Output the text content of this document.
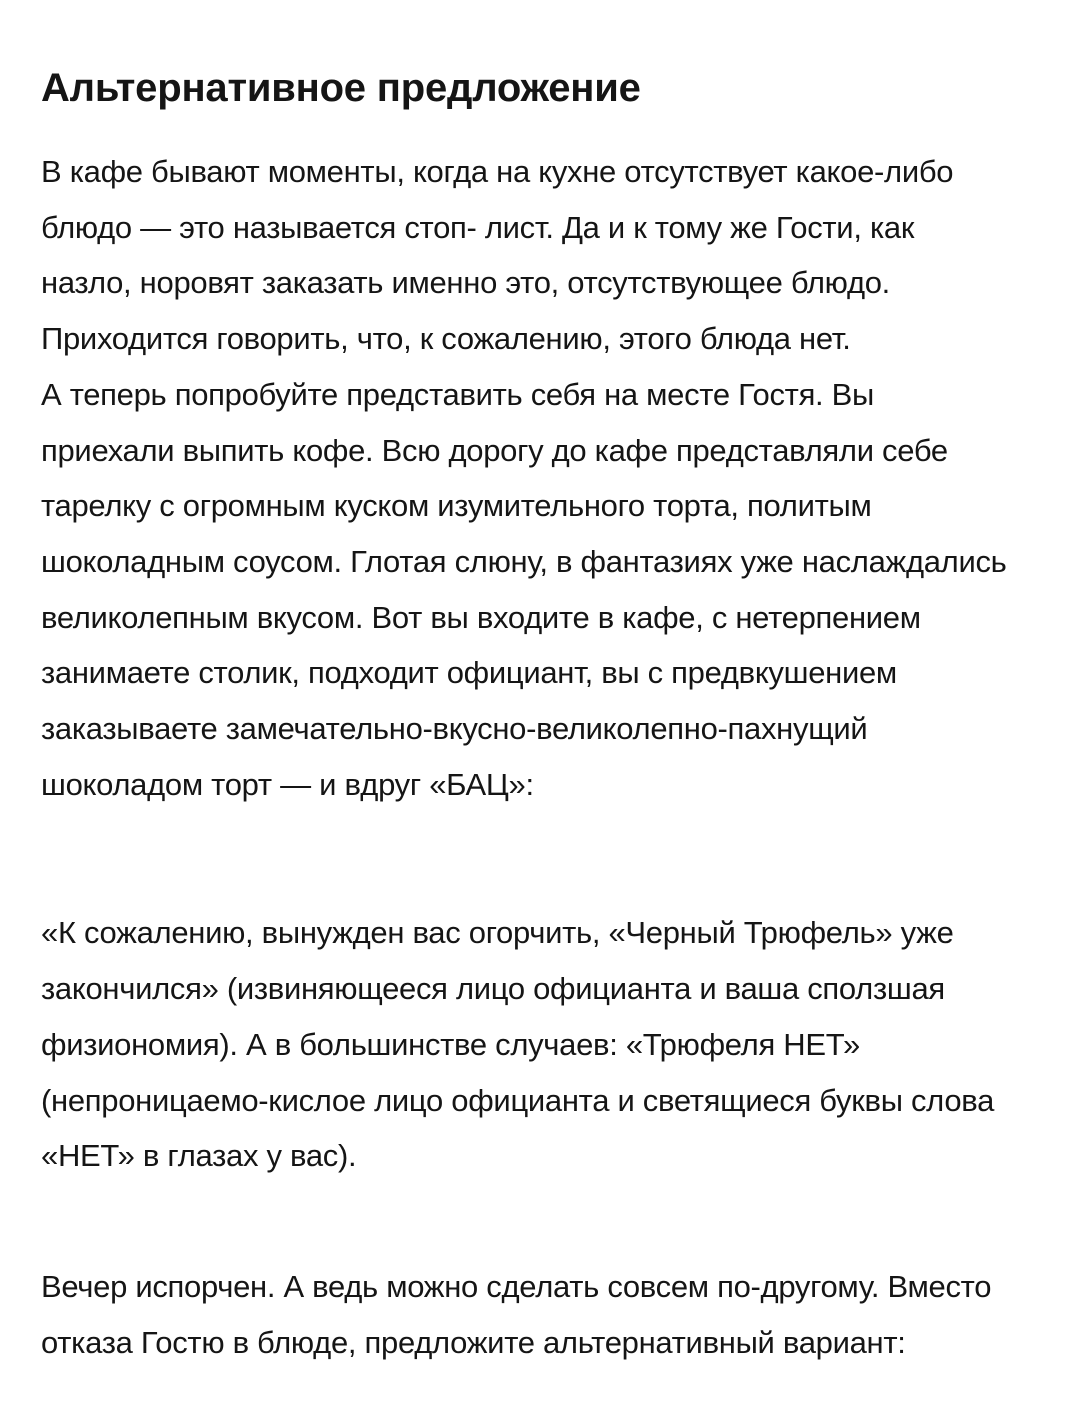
Альтернативное предложение

В кафе бывают моменты, когда на кухне отсутствует какое-либо
блюдо — это называется стоп- лист. Да и к тому же Гости, как
назло, норовят заказать именно это, отсутствующее блюдо.
Приходится говорить, что, к сожалению, этого блюда нет.
А теперь попробуйте представить себя на месте Гостя. Вы
приехали выпить кофе. Всю дорогу до кафе представляли себе
тарелку с огромным куском изумительного торта, политым
шоколадным соусом. Глотая слюну, в фантазиях уже наслаждались
великолепным вкусом. Вот вы входите в кафе, с нетерпением
занимаете столик, подходит официант, вы с предвкушением
заказываете замечательно-вкусно-великолепно-пахнущий
шоколадом торт — и вдруг «БАЦ»:

«К сожалению, вынужден вас огорчить, «Черный Трюфель» уже
закончился» (извиняющееся лицо официанта и ваша сползшая
физиономия). А в большинстве случаев: «Трюфеля НЕТ»
(непроницаемо-кислое лицо официанта и светящиеся буквы слова
«НЕТ» в глазах у вас).

Вечер испорчен. А ведь можно сделать совсем по-другому. Вместо
отказа Гостю в блюде, предложите альтернативный вариант:
